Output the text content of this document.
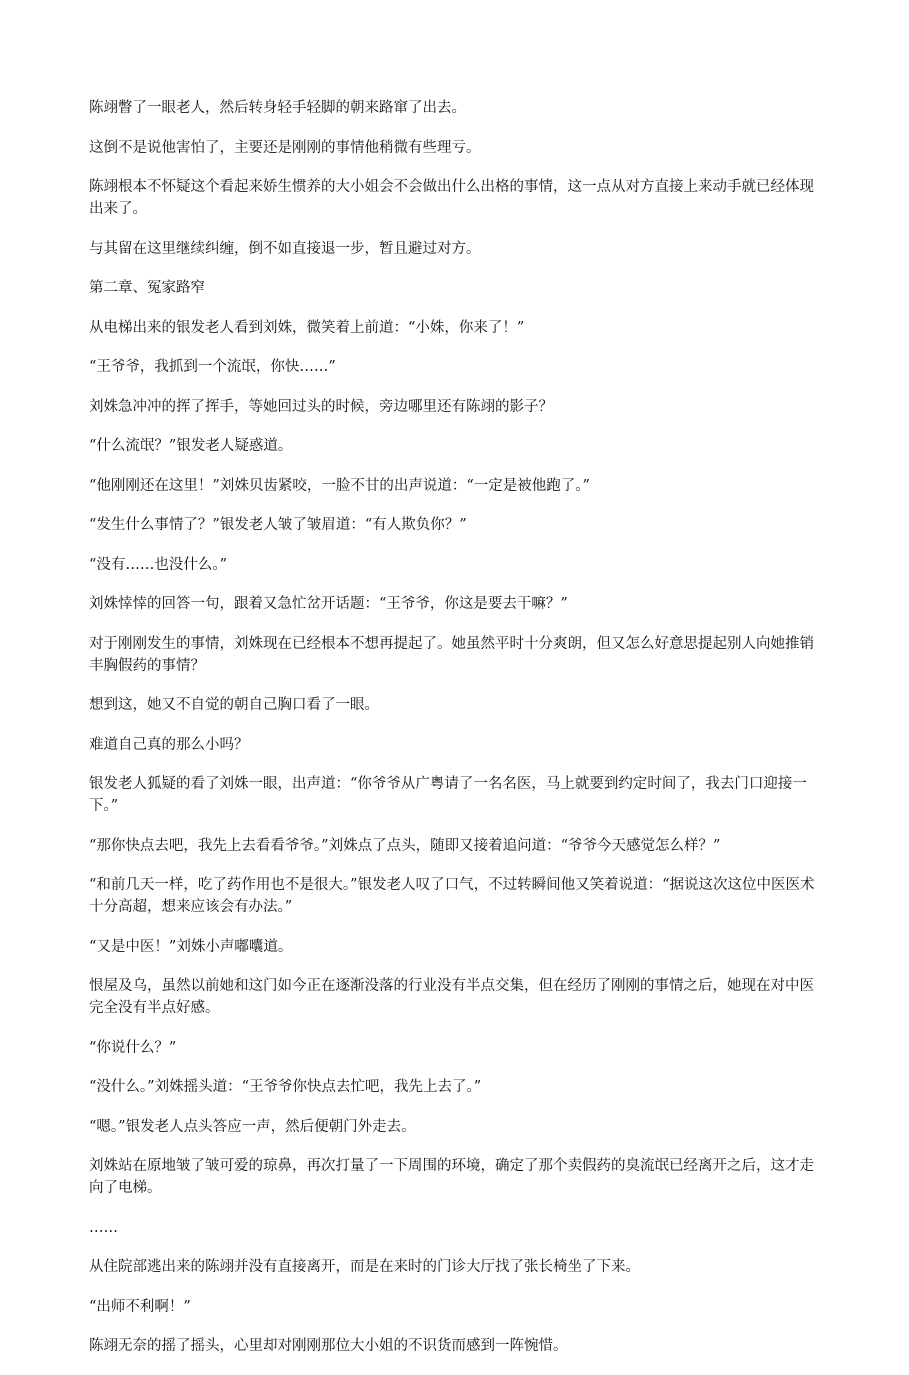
陈翊瞥了一眼老人，然后转身轻手轻脚的朝来路窜了出去。

这倒不是说他害怕了，主要还是刚刚的事情他稍微有些理亏。

陈翊根本不怀疑这个看起来娇生惯养的大小姐会不会做出什么出格的事情，这一点从对方直接上来动手就已经体现出来了。

与其留在这里继续纠缠，倒不如直接退一步，暂且避过对方。

第二章、冤家路窄

从电梯出来的银发老人看到刘姝，微笑着上前道：“小姝，你来了！”

“王爷爷，我抓到一个流氓，你快……”

刘姝急冲冲的挥了挥手，等她回过头的时候，旁边哪里还有陈翊的影子？

“什么流氓？”银发老人疑惑道。

“他刚刚还在这里！”刘姝贝齿紧咬，一脸不甘的出声说道：“一定是被他跑了。”

“发生什么事情了？”银发老人皱了皱眉道：“有人欺负你？”

“没有……也没什么。”

刘姝悻悻的回答一句，跟着又急忙岔开话题：“王爷爷，你这是要去干嘛？”

对于刚刚发生的事情，刘姝现在已经根本不想再提起了。她虽然平时十分爽朗，但又怎么好意思提起别人向她推销丰胸假药的事情？

想到这，她又不自觉的朝自己胸口看了一眼。

难道自己真的那么小吗？

银发老人狐疑的看了刘姝一眼，出声道：“你爷爷从广粤请了一名名医，马上就要到约定时间了，我去门口迎接一下。”

“那你快点去吧，我先上去看看爷爷。”刘姝点了点头，随即又接着追问道：“爷爷今天感觉怎么样？”

“和前几天一样，吃了药作用也不是很大。”银发老人叹了口气，不过转瞬间他又笑着说道：“据说这次这位中医医术十分高超，想来应该会有办法。”

“又是中医！”刘姝小声嘟囔道。

恨屋及乌，虽然以前她和这门如今正在逐渐没落的行业没有半点交集，但在经历了刚刚的事情之后，她现在对中医完全没有半点好感。

“你说什么？”

“没什么。”刘姝摇头道：“王爷爷你快点去忙吧，我先上去了。”

“嗯。”银发老人点头答应一声，然后便朝门外走去。

刘姝站在原地皱了皱可爱的琼鼻，再次打量了一下周围的环境，确定了那个卖假药的臭流氓已经离开之后，这才走向了电梯。

……

从住院部逃出来的陈翊并没有直接离开，而是在来时的门诊大厅找了张长椅坐了下来。

“出师不利啊！”

陈翊无奈的摇了摇头，心里却对刚刚那位大小姐的不识货而感到一阵惋惜。
